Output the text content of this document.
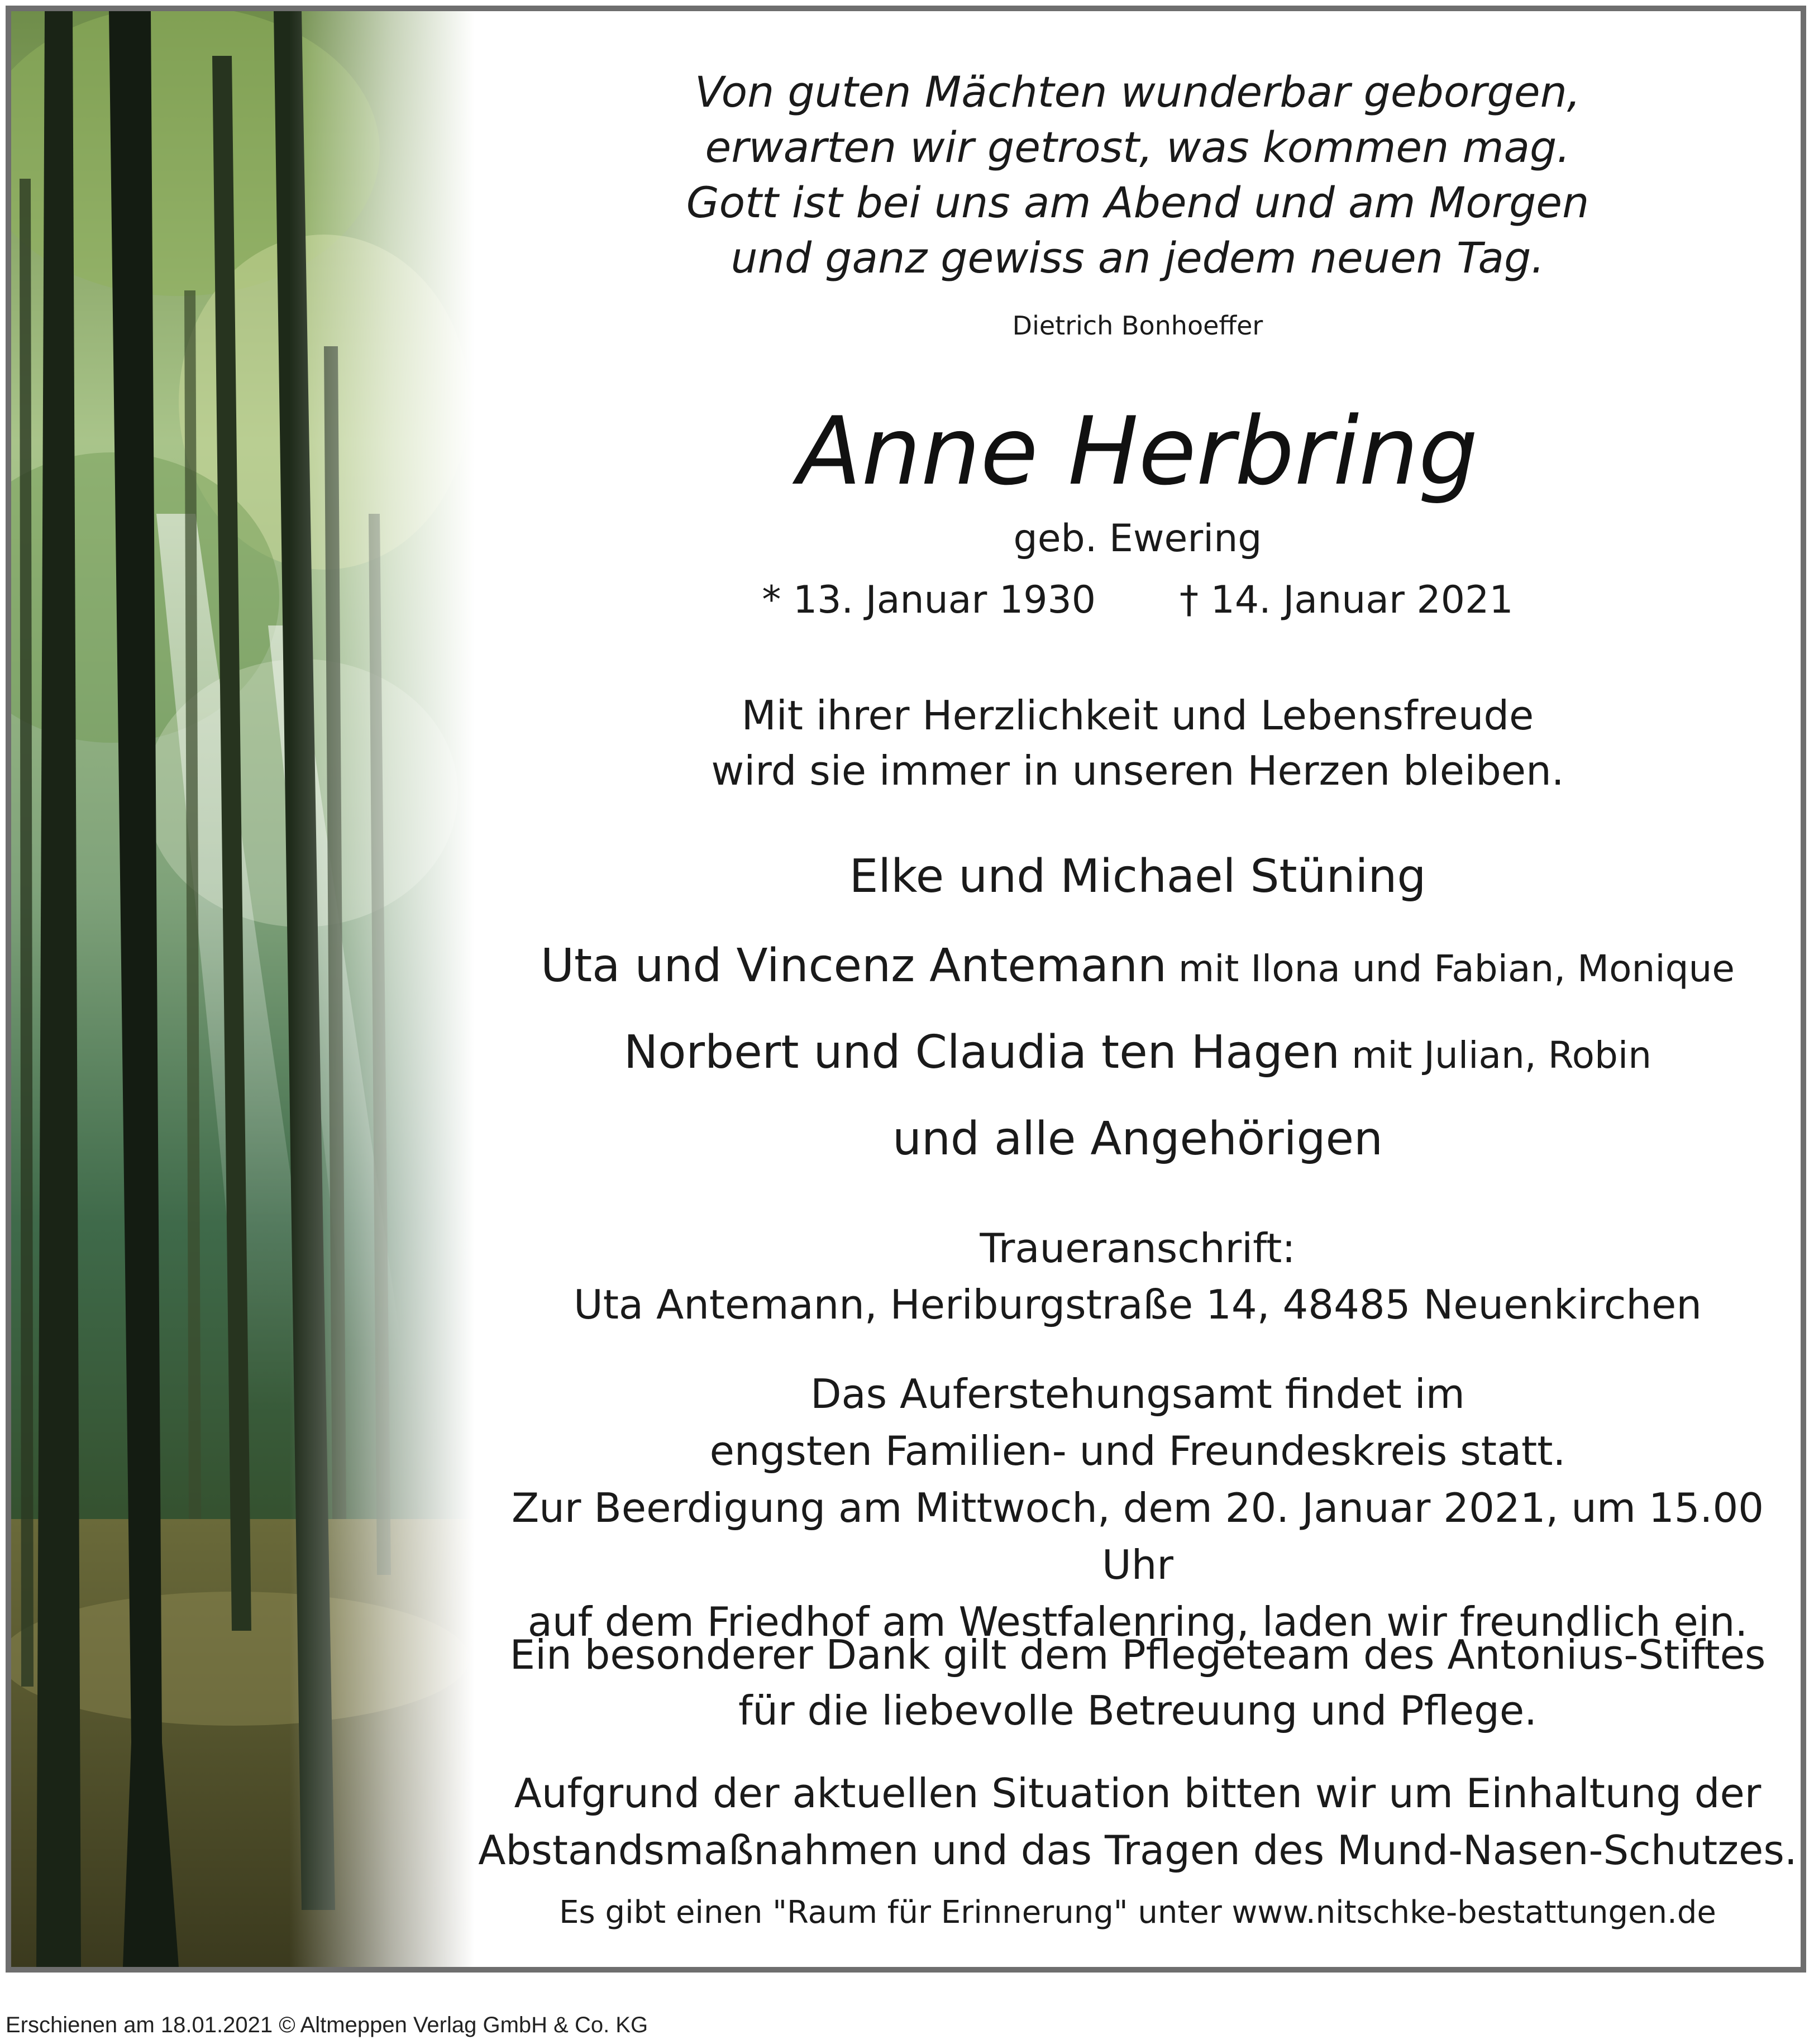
Von guten Mächten wunderbar geborgen,
erwarten wir getrost, was kommen mag.
Gott ist bei uns am Abend und am Morgen
und ganz gewiss an jedem neuen Tag.
Dietrich Bonhoeffer
Anne Herbring
geb. Ewering
* 13. Januar 1930 † 14. Januar 2021
Mit ihrer Herzlichkeit und Lebensfreude
wird sie immer in unseren Herzen bleiben.
Elke und Michael Stüning
Uta und Vincenz Antemann mit Ilona und Fabian, Monique
Norbert und Claudia ten Hagen mit Julian, Robin
und alle Angehörigen
Traueranschrift:
Uta Antemann, Heriburgstraße 14, 48485 Neuenkirchen
Das Auferstehungsamt findet im
engsten Familien- und Freundeskreis statt.
Zur Beerdigung am Mittwoch, dem 20. Januar 2021, um 15.00 Uhr
auf dem Friedhof am Westfalenring, laden wir freundlich ein.
Ein besonderer Dank gilt dem Pflegeteam des Antonius-Stiftes
für die liebevolle Betreuung und Pflege.
Aufgrund der aktuellen Situation bitten wir um Einhaltung der
Abstandsmaßnahmen und das Tragen des Mund-Nasen-Schutzes.
Es gibt einen "Raum für Erinnerung" unter www.nitschke-bestattungen.de
Erschienen am 18.01.2021 © Altmeppen Verlag GmbH & Co. KG
